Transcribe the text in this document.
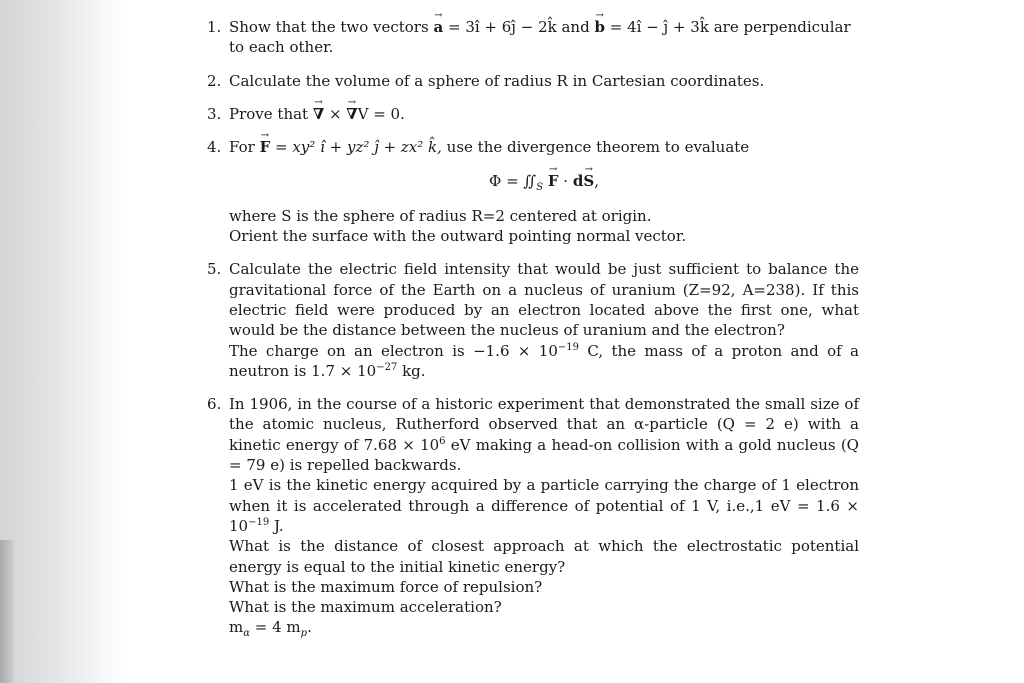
1. Show that the two vectors → a = 3î + 6ĵ − 2k̂ and → b = 4î − ĵ + 3k̂ are perpendicular
to each other.
2. Calculate the volume of a sphere of radius R in Cartesian coordinates.
3. Prove that → ∇ × → ∇V = 0.
4. For → F = xy² î + yz² ĵ + zx² k̂, use the divergence theorem to evaluate
$\Phi = ∬_S \to F \cdot d\to S$,
where S is the sphere of radius R=2 centered at origin.
Orient the surface with the outward pointing normal vector.
5. Calculate the electric field intensity that would be just sufficient to balance the gravitational force of the Earth on a nucleus of uranium (Z=92, A=238). If this electric field were produced by an electron located above the first one, what would be the distance between the nucleus of uranium and the electron?
The charge on an electron is $-1.6 \times 10^{-19}$ C, the mass of a proton and of a neutron is $1.7 \times 10^{-27}$ kg.
6. In 1906, in the course of a historic experiment that demonstrated the small size of the atomic nucleus, Rutherford observed that an α-particle (Q = 2 e) with a kinetic energy of $7.68 \times 10^6$ eV making a head-on collision with a gold nucleus (Q = 79 e) is repelled backwards.
1 eV is the kinetic energy acquired by a particle carrying the charge of 1 electron when it is accelerated through a difference of potential of 1 V, i.e.,1 eV = $1.6 \times 10^{-19}$ J.
What is the distance of closest approach at which the electrostatic potential energy is equal to the initial kinetic energy?
What is the maximum force of repulsion?
What is the maximum acceleration?
$m_\alpha = 4$ $m_p$.
